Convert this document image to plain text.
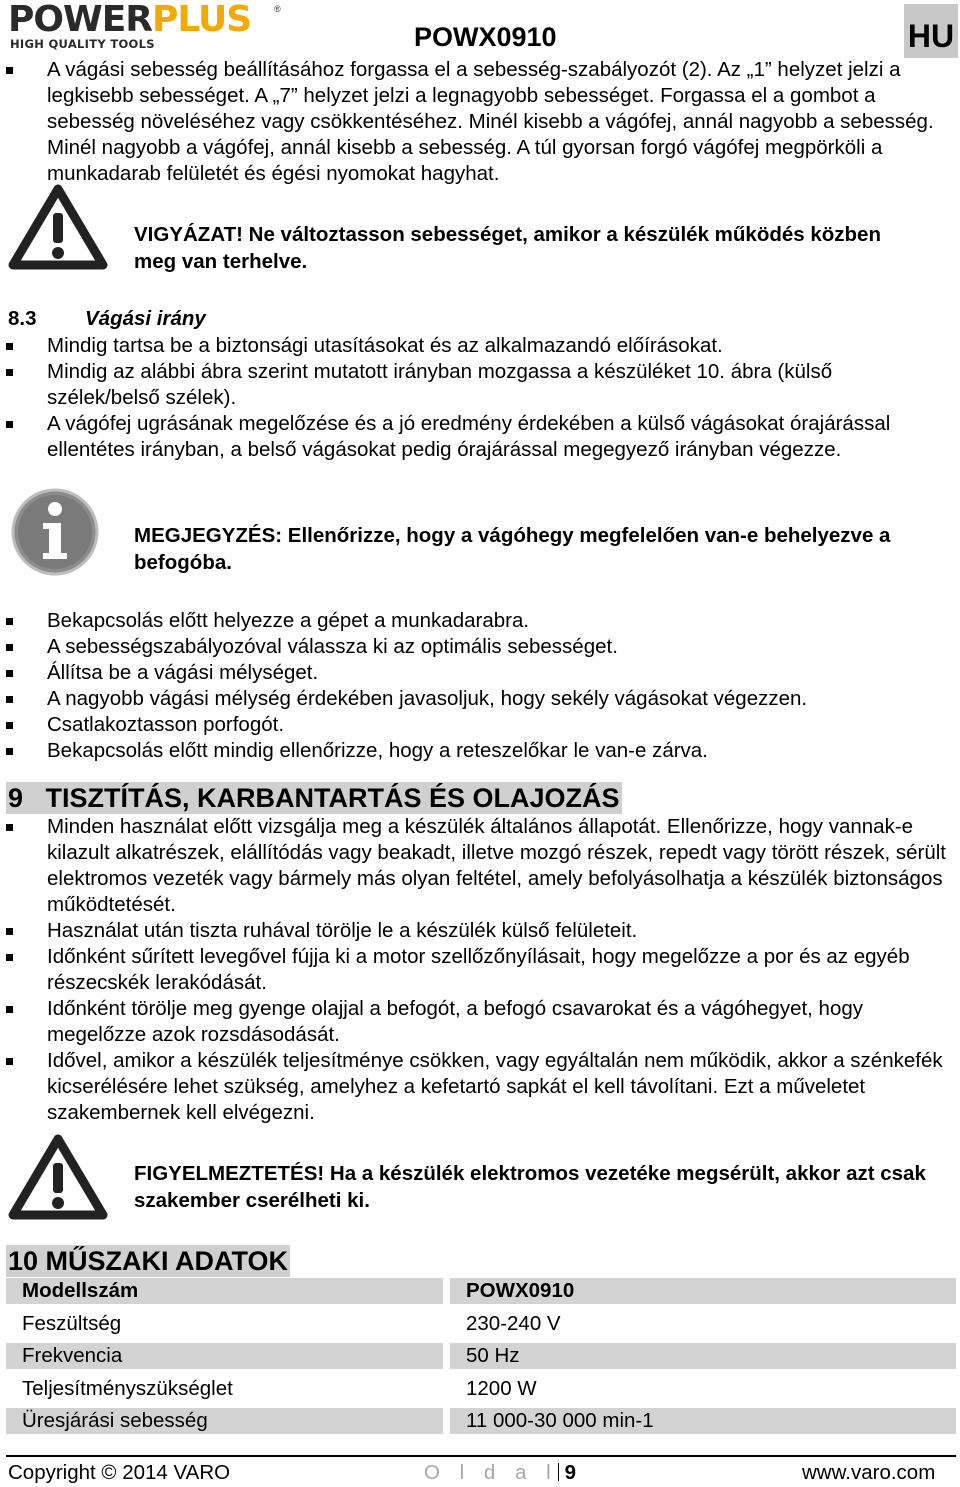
POWERPLUS	®
HIGH QUALITY TOOLS	POWX0910	HU
A vágási sebesség beállításához forgassa el a sebesség-szabályozót (2). Az „1” helyzet jelzi a legkisebb sebességet. A „7” helyzet jelzi a legnagyobb sebességet. Forgassa el a gombot a sebesség növeléséhez vagy csökkentéséhez. Minél kisebb a vágófej, annál nagyobb a sebesség. Minél nagyobb a vágófej, annál kisebb a sebesség. A túl gyorsan forgó vágófej megpörköli a munkadarab felületét és égési nyomokat hagyhat.
VIGYÁZAT! Ne változtasson sebességet, amikor a készülék működés közben meg van terhelve.
8.3 Vágási irány
Mindig tartsa be a biztonsági utasításokat és az alkalmazandó előírásokat.
Mindig az alábbi ábra szerint mutatott irányban mozgassa a készüléket 10. ábra (külső szélek/belső szélek).
A vágófej ugrásának megelőzése és a jó eredmény érdekében a külső vágásokat órajárással ellentétes irányban, a belső vágásokat pedig órajárással megegyező irányban végezze.
MEGJEGYZÉS: Ellenőrizze, hogy a vágóhegy megfelelően van-e behelyezve a befogóba.
Bekapcsolás előtt helyezze a gépet a munkadarabra.
A sebességszabályozóval válassza ki az optimális sebességet.
Állítsa be a vágási mélységet.
A nagyobb vágási mélység érdekében javasoljuk, hogy sekély vágásokat végezzen.
Csatlakoztasson porfogót.
Bekapcsolás előtt mindig ellenőrizze, hogy a reteszelőkar le van-e zárva.
9   TISZTÍTÁS, KARBANTARTÁS ÉS OLAJOZÁS
Minden használat előtt vizsgálja meg a készülék általános állapotát. Ellenőrizze, hogy vannak-e kilazult alkatrészek, elállítódás vagy beakadt, illetve mozgó részek, repedt vagy törött részek, sérült elektromos vezeték vagy bármely más olyan feltétel, amely befolyásolhatja a készülék biztonságos működtetését.
Használat után tiszta ruhával törölje le a készülék külső felületeit.
Időnként sűrített levegővel fújja ki a motor szellőzőnyílásait, hogy megelőzze a por és az egyéb részecskék lerakódását.
Időnként törölje meg gyenge olajjal a befogót, a befogó csavarokat és a vágóhegyet, hogy megelőzze azok rozsdásodását.
Idővel, amikor a készülék teljesítménye csökken, vagy egyáltalán nem működik, akkor a szénkefék kicserélésére lehet szükség, amelyhez a kefetartó sapkát el kell távolítani. Ezt a műveletet szakembernek kell elvégezni.
FIGYELMEZTETÉS! Ha a készülék elektromos vezetéke megsérült, akkor azt csak szakember cserélheti ki.
10 MŰSZAKI ADATOK
Modellszám	POWX0910
Feszültség	230-240 V
Frekvencia	50 Hz
Teljesítményszükséglet	1200 W
Üresjárási sebesség	11 000-30 000 min-1
Copyright © 2014 VARO	O l d a l 9	www.varo.com
